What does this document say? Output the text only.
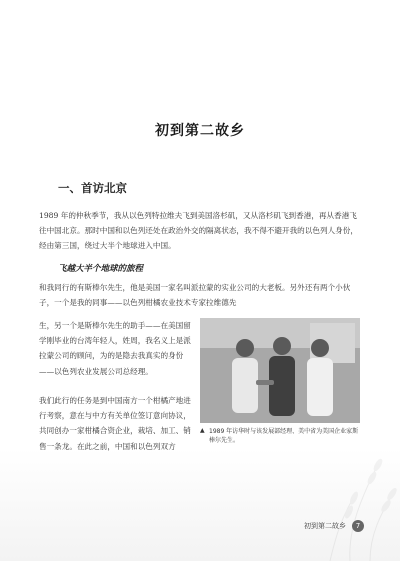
初到第二故乡
一、首访北京
1989 年的仲秋季节，我从以色列特拉维夫飞到美国洛杉矶，又从洛杉矶飞到香港，再从香港飞往中国北京。那时中国和以色列还处在政治外交的隔离状态，我不得不避开我的以色列人身份，经由第三国，绕过大半个地球进入中国。
飞越大半个地球的旅程
和我同行的有斯棒尔先生，他是美国一家名叫派拉蒙的实业公司的大老板。另外还有两个小伙子，一个是我的同事——以色列柑橘农业技术专家拉维德先
生，另一个是斯棒尔先生的助手——在美国留学刚毕业的台湾年轻人，姓周，我名义上是派拉蒙公司的顾问，为的是隐去我真实的身份——以色列农业发展公司总经理。
我们此行的任务是到中国南方一个柑橘产地进行考察，意在与中方有关单位签订意向协议，共同创办一家柑橘合资企业，栽培、加工、销售一条龙。在此之前，中国和以色列双方
▲ 1989 年访华时与该发展部经理、美中省为美国企业家斯棒尔先生。
初到第二故乡	7
